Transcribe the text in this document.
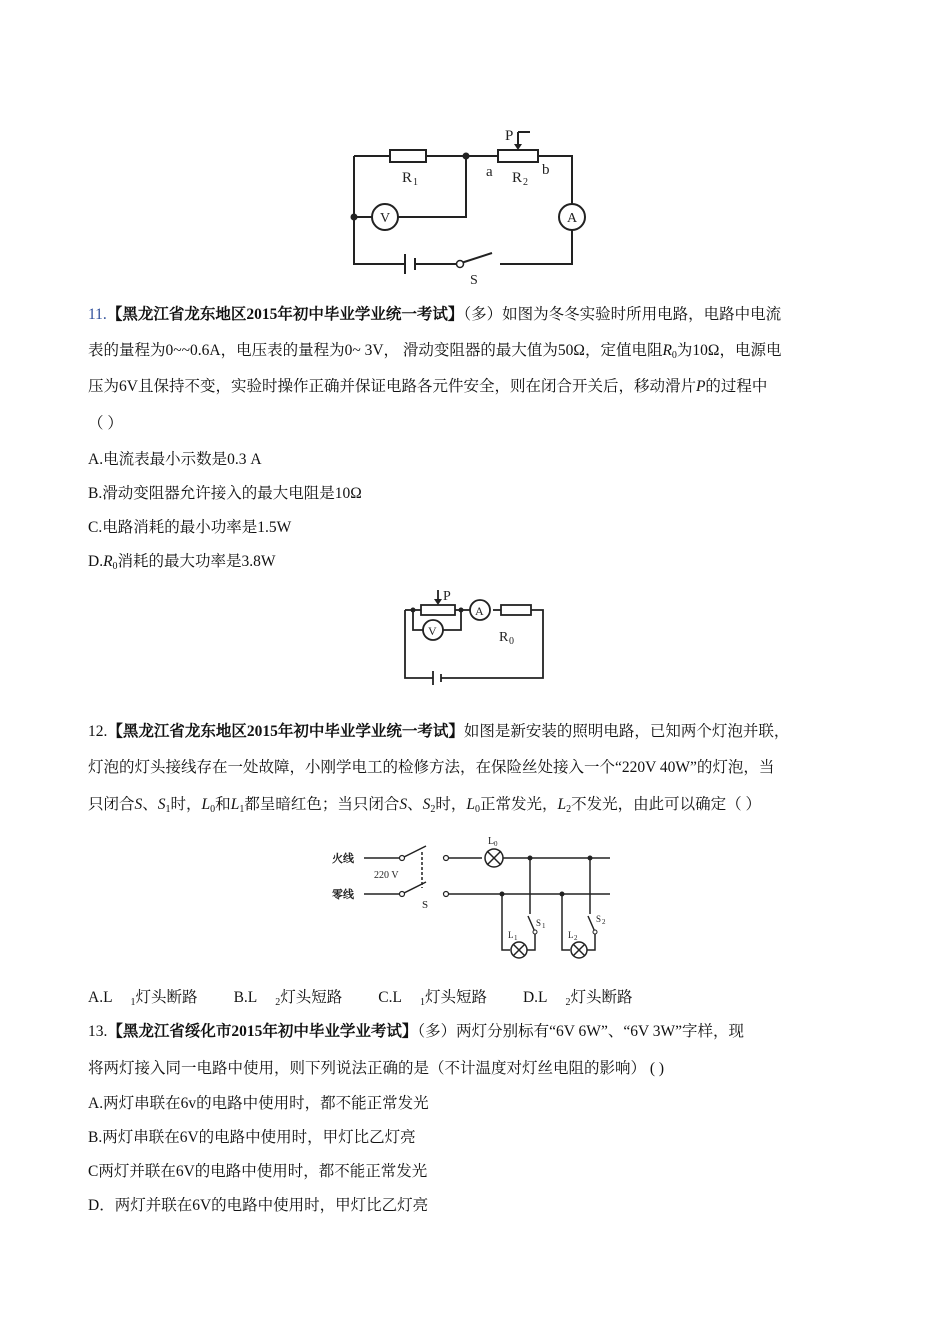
P
a	b
R 1	R 2
V	A
S
11.【黑龙江省龙东地区2015年初中毕业学业统一考试】（多）如图为冬冬实验时所用电路，电路中电流
表的量程为0~~0.6A，电压表的量程为0~ 3V， 滑动变阻器的最大值为50Ω，定值电阻$R_0$为10Ω，电源电
压为6V且保持不变，实验时操作正确并保证电路各元件安全，则在闭合开关后，移动滑片P的过程中
（ ）
A.电流表最小示数是0.3 A
B.滑动变阻器允许接入的最大电阻是10Ω
C.电路消耗的最小功率是1.5W
$D.R_0$消耗的最大功率是3.8W
P
A
V	R 0
12.【黑龙江省龙东地区2015年初中毕业学业统一考试】如图是新安装的照明电路，已知两个灯泡并联，
灯泡的灯头接线存在一处故障，小刚学电工的检修方法，在保险丝处接入一个“220V 40W”的灯泡，当
只闭合S、$S_1$时，$L_0$和$L_1$都呈暗红色；当只闭合S、$S_2$时，$L_0$正常发光，$L_2$不发光，由此可以确定（ ）
火线
零线
220 V
S
L 0
L 1	L 2
S 1
S 2
A.L $_1$灯头断路 B.L $_2$灯头短路 C.L $_1$灯头短路 D.L $_2$灯头断路
13.【黑龙江省绥化市2015年初中毕业学业考试】（多）两灯分别标有“6V 6W”、“6V 3W”字样，现
将两灯接入同一电路中使用，则下列说法正确的是（不计温度对灯丝电阻的影响） ( )
A.两灯串联在6v的电路中使用时，都不能正常发光
B.两灯串联在6V的电路中使用时，甲灯比乙灯亮
C两灯并联在6V的电路中使用时，都不能正常发光
D．两灯并联在6V的电路中使用时，甲灯比乙灯亮
